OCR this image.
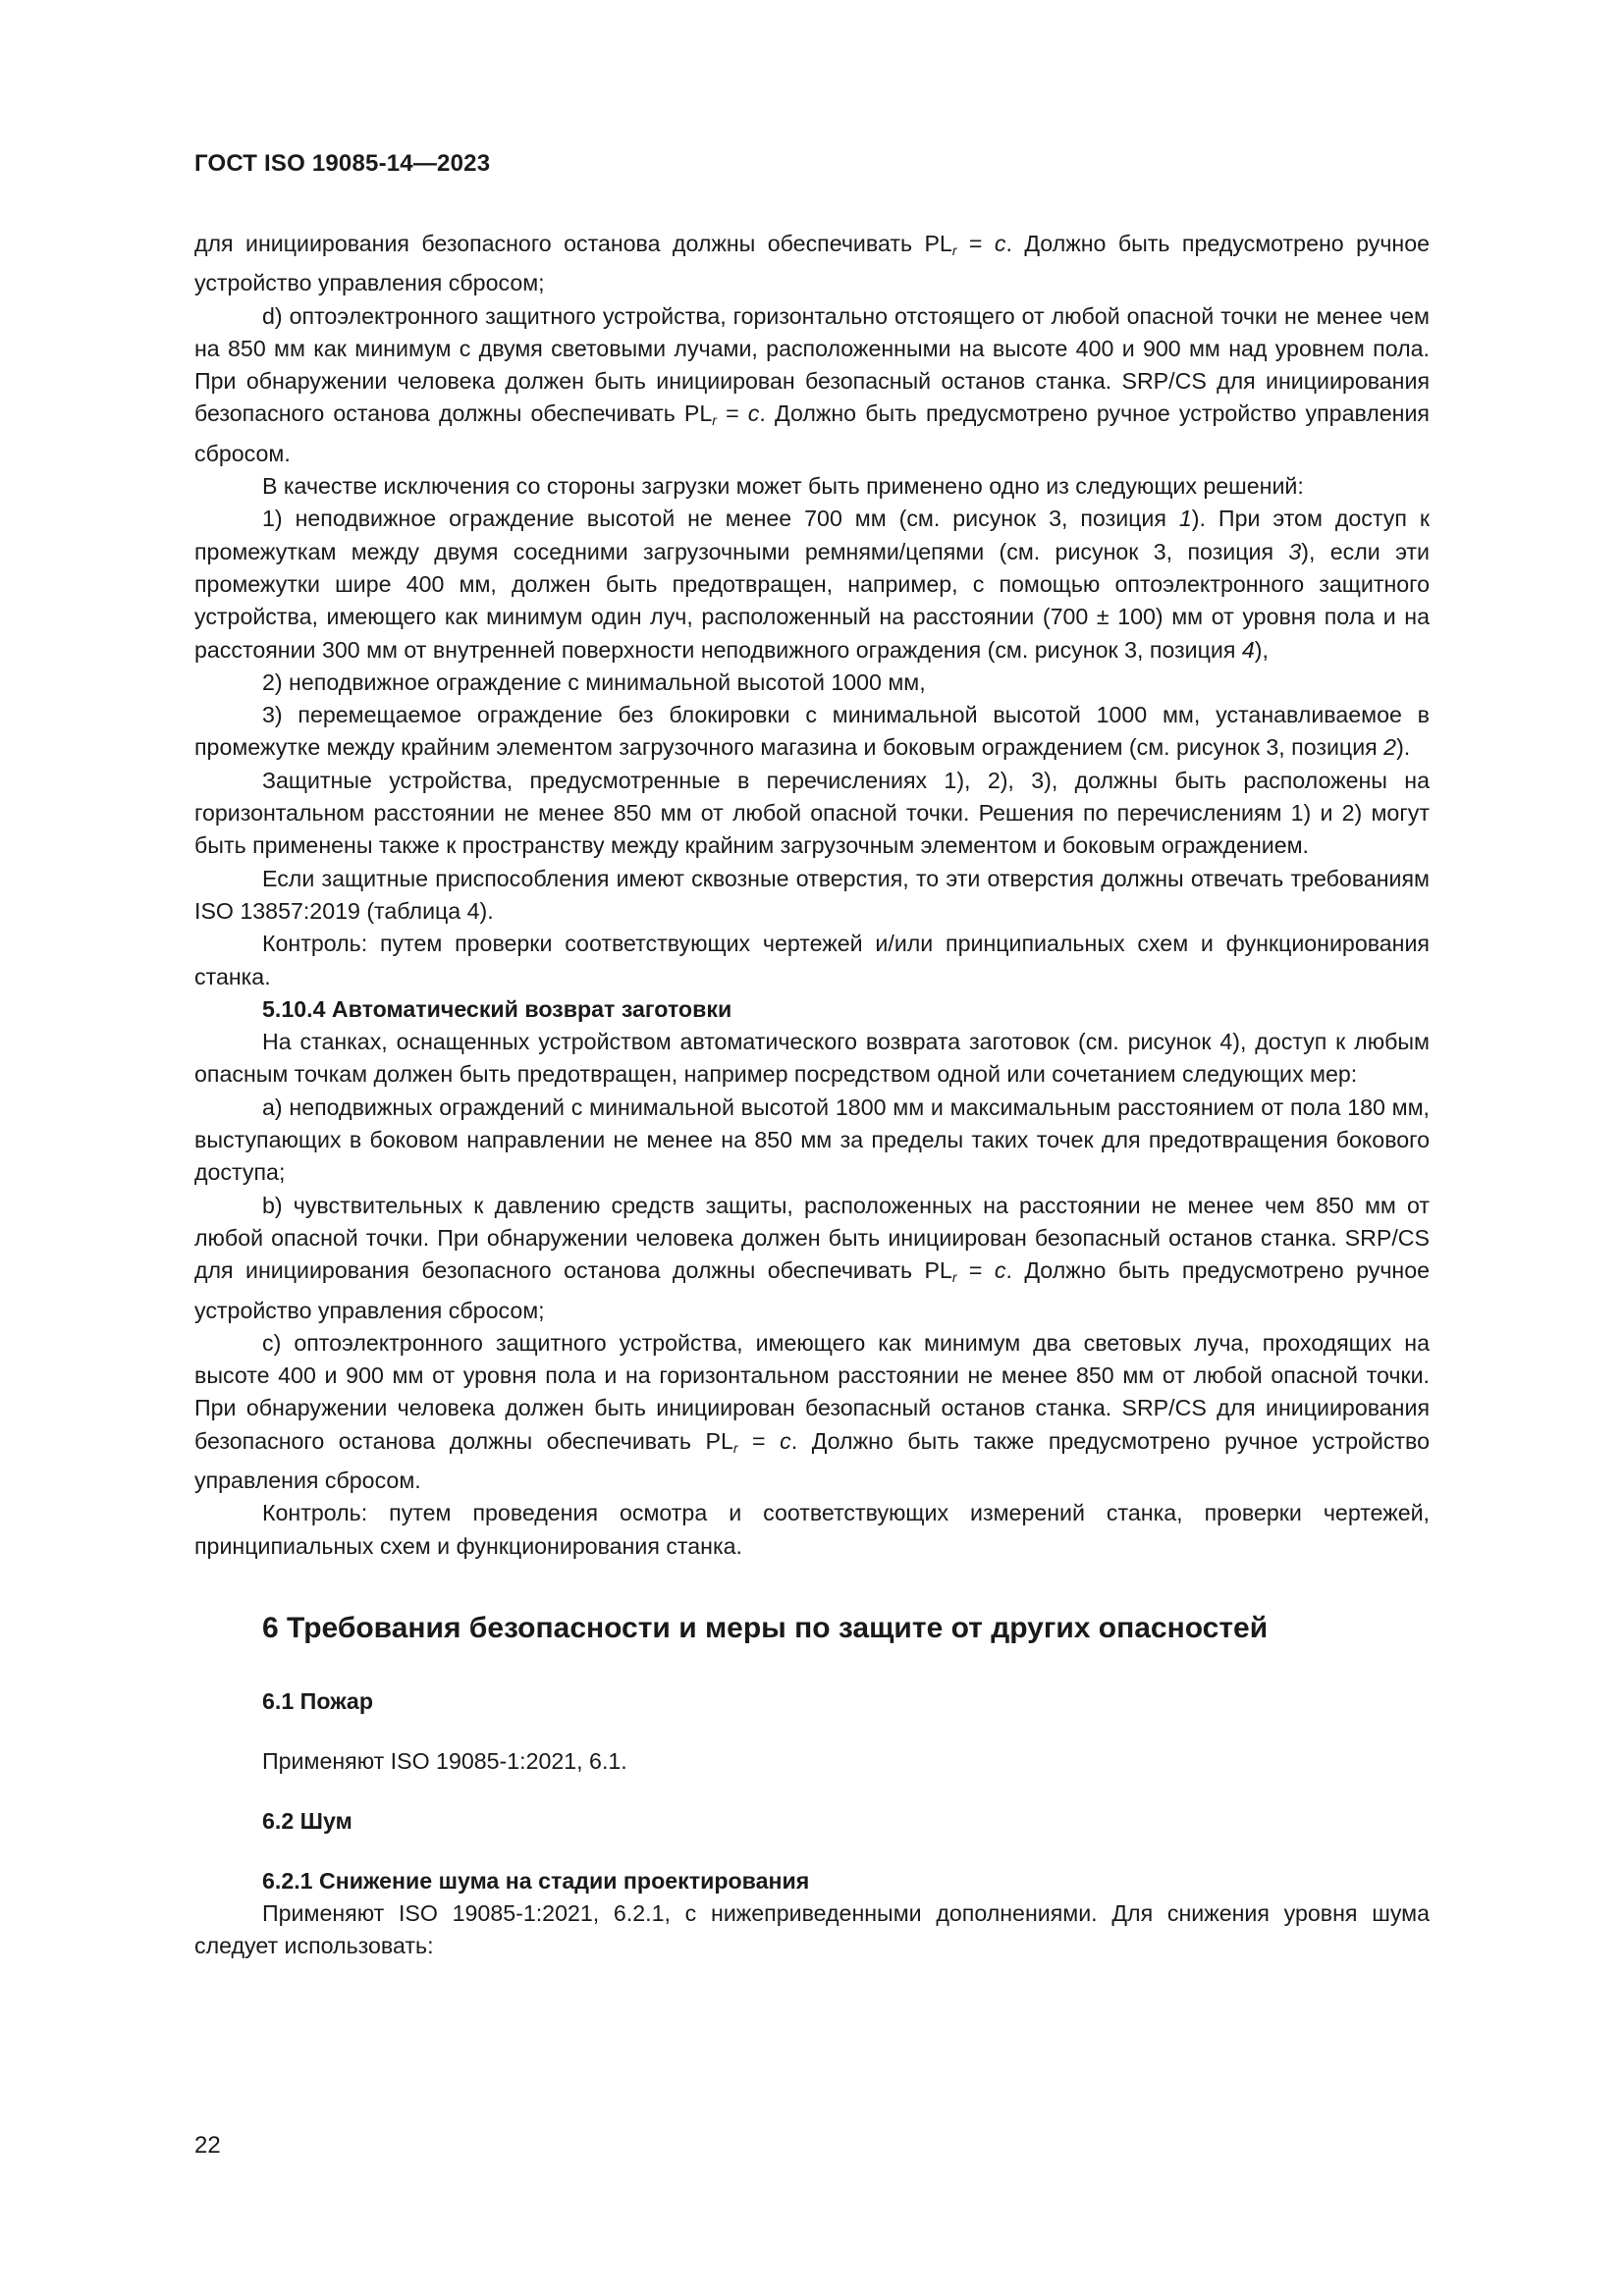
ГОСТ ISO 19085-14—2023

для инициирования безопасного останова должны обеспечивать $PL_r = c$. Должно быть предусмотрено ручное устройство управления сбросом;

d) оптоэлектронного защитного устройства, горизонтально отстоящего от любой опасной точки не менее чем на 850 мм как минимум с двумя световыми лучами, расположенными на высоте 400 и 900 мм над уровнем пола. При обнаружении человека должен быть инициирован безопасный останов станка. SRP/CS для инициирования безопасного останова должны обеспечивать $PL_r = c$. Должно быть предусмотрено ручное устройство управления сбросом.

В качестве исключения со стороны загрузки может быть применено одно из следующих решений:

1) неподвижное ограждение высотой не менее 700 мм (см. рисунок 3, позиция 1). При этом доступ к промежуткам между двумя соседними загрузочными ремнями/цепями (см. рисунок 3, позиция 3), если эти промежутки шире 400 мм, должен быть предотвращен, например, с помощью оптоэлектронного защитного устройства, имеющего как минимум один луч, расположенный на расстоянии (700 ± 100) мм от уровня пола и на расстоянии 300 мм от внутренней поверхности неподвижного ограждения (см. рисунок 3, позиция 4),

2) неподвижное ограждение с минимальной высотой 1000 мм,

3) перемещаемое ограждение без блокировки с минимальной высотой 1000 мм, устанавливаемое в промежутке между крайним элементом загрузочного магазина и боковым ограждением (см. рисунок 3, позиция 2).

Защитные устройства, предусмотренные в перечислениях 1), 2), 3), должны быть расположены на горизонтальном расстоянии не менее 850 мм от любой опасной точки. Решения по перечислениям 1) и 2) могут быть применены также к пространству между крайним загрузочным элементом и боковым ограждением.

Если защитные приспособления имеют сквозные отверстия, то эти отверстия должны отвечать требованиям ISO 13857:2019 (таблица 4).

Контроль: путем проверки соответствующих чертежей и/или принципиальных схем и функционирования станка.

5.10.4 Автоматический возврат заготовки

На станках, оснащенных устройством автоматического возврата заготовок (см. рисунок 4), доступ к любым опасным точкам должен быть предотвращен, например посредством одной или сочетанием следующих мер:

а) неподвижных ограждений с минимальной высотой 1800 мм и максимальным расстоянием от пола 180 мм, выступающих в боковом направлении не менее на 850 мм за пределы таких точек для предотвращения бокового доступа;

b) чувствительных к давлению средств защиты, расположенных на расстоянии не менее чем 850 мм от любой опасной точки. При обнаружении человека должен быть инициирован безопасный останов станка. SRP/CS для инициирования безопасного останова должны обеспечивать $PL_r = c$. Должно быть предусмотрено ручное устройство управления сбросом;

c) оптоэлектронного защитного устройства, имеющего как минимум два световых луча, проходящих на высоте 400 и 900 мм от уровня пола и на горизонтальном расстоянии не менее 850 мм от любой опасной точки. При обнаружении человека должен быть инициирован безопасный останов станка. SRP/CS для инициирования безопасного останова должны обеспечивать $PL_r = c$. Должно быть также предусмотрено ручное устройство управления сбросом.

Контроль: путем проведения осмотра и соответствующих измерений станка, проверки чертежей, принципиальных схем и функционирования станка.

6 Требования безопасности и меры по защите от других опасностей
6.1 Пожар

Применяют ISO 19085-1:2021, 6.1.

6.2 Шум
6.2.1 Снижение шума на стадии проектирования

Применяют ISO 19085-1:2021, 6.2.1, с нижеприведенными дополнениями. Для снижения уровня шума следует использовать:

22
